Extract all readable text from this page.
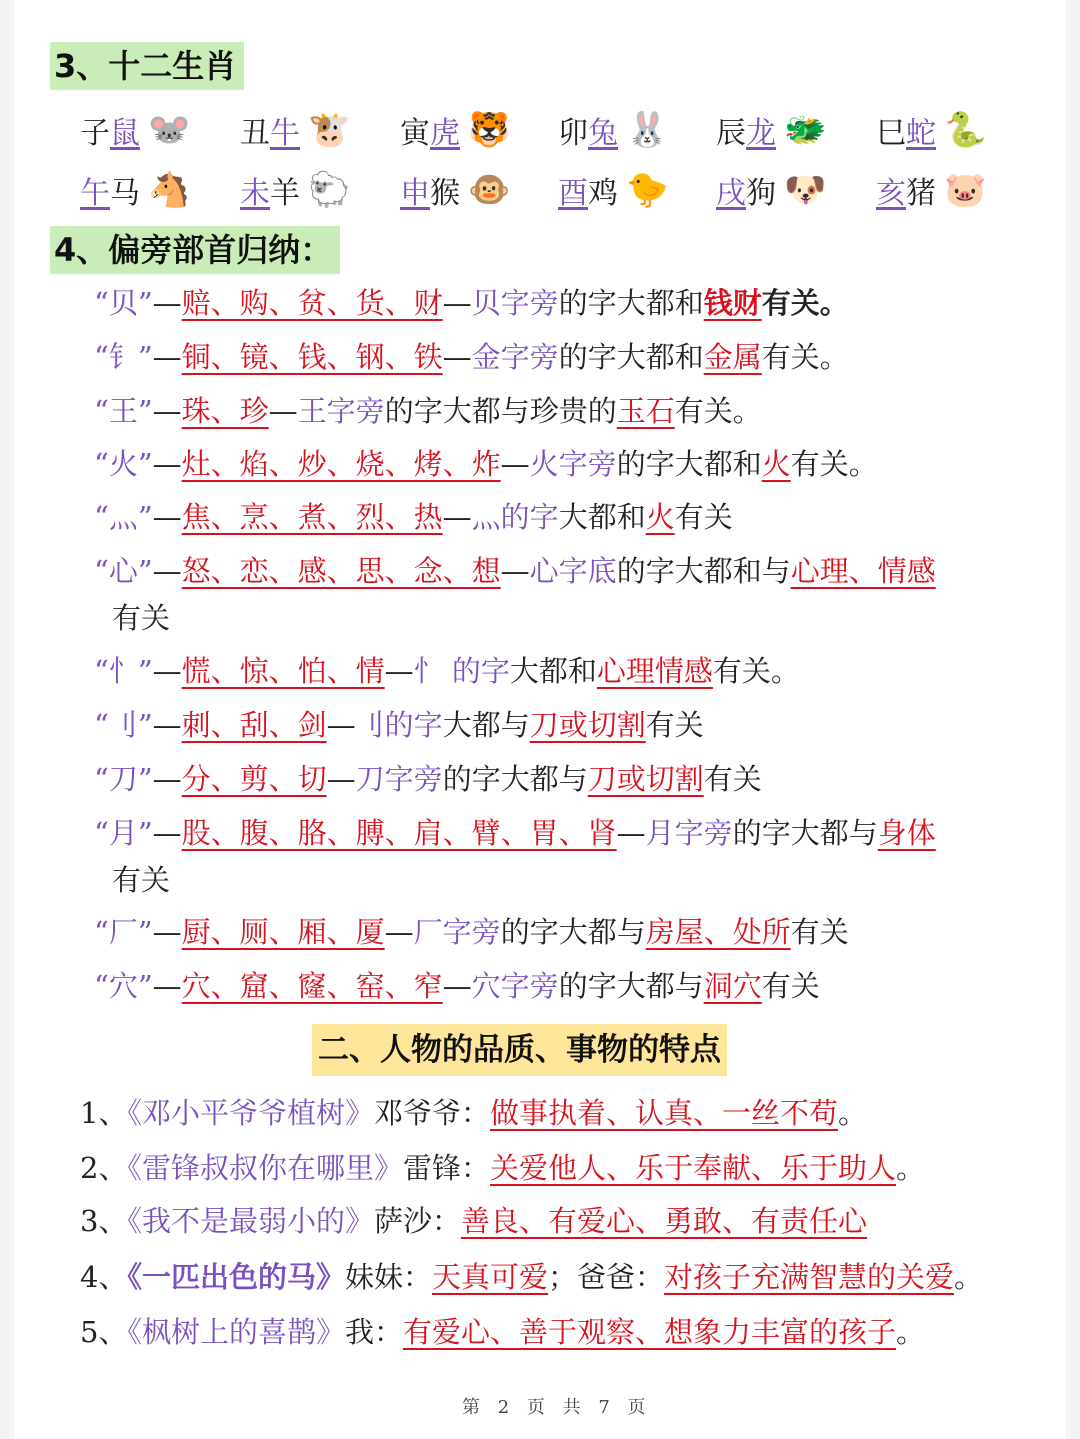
3、十二生肖
子 鼠 🐭 丑 牛 🐮 寅 虎 🐯 卯 兔 🐰 辰 龙 🐲 巳 蛇 🐍
午 马 🐴 未 羊 🐑 申 猴 🐵 酉 鸡 🐤 戌 狗 🐶 亥 猪 🐷
4、偏旁部首归纳：
“贝”—赔、购、贫、货、财—贝字旁的字大都和钱财有关。
“钅”—铜、镜、钱、钢、铁—金字旁的字大都和金属有关。
“王”—珠、珍—王字旁的字大都与珍贵的玉石有关。
“火”—灶、焰、炒、烧、烤、炸—火字旁的字大都和火有关。
“灬”—焦、烹、煮、烈、热—灬的字大都和火有关
“心”—怒、恋、感、思、念、想—心字底的字大都和与心理、情感
有关
“忄”—慌、惊、怕、情—忄 的字大都和心理情感有关。
“刂”—刺、刮、剑—刂的字大都与刀或切割有关
“刀”—分、剪、切—刀字旁的字大都与刀或切割有关
“月”—股、腹、胳、膊、肩、臂、胃、肾—月字旁的字大都与身体
有关
“厂”—厨、厕、厢、厦—厂字旁的字大都与房屋、处所有关
“穴”—穴、窟、窿、窑、窄—穴字旁的字大都与洞穴有关
二、人物的品质、事物的特点
1、《邓小平爷爷植树》邓爷爷：做事执着、认真、一丝不苟。
2、《雷锋叔叔你在哪里》雷锋：关爱他人、乐于奉献、乐于助人。
3、《我不是最弱小的》萨沙：善良、有爱心、勇敢、有责任心
4、《一匹出色的马》妹妹：天真可爱；爸爸：对孩子充满智慧的关爱。
5、《枫树上的喜鹊》我：有爱心、善于观察、想象力丰富的孩子。
第 2 页 共 7 页
